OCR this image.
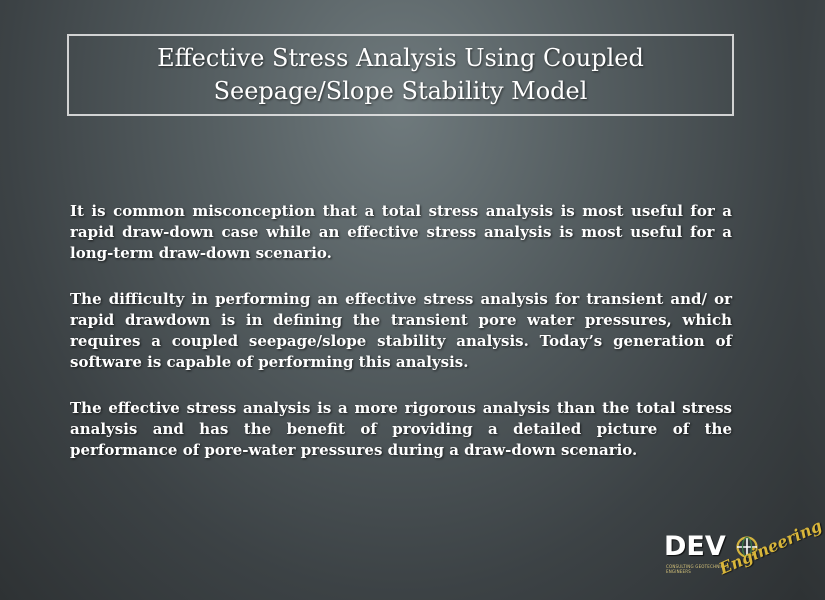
Effective Stress Analysis Using Coupled
Seepage/Slope Stability Model

It is common misconception that a total stress analysis is most useful for a rapid draw-down case while an effective stress analysis is most useful for a long-term draw-down scenario.

The difficulty in performing an effective stress analysis for transient and/ or rapid drawdown is in defining the transient pore water pressures, which requires a coupled seepage/slope stability analysis. Today’s generation of software is capable of performing this analysis.

The effective stress analysis is a more rigorous analysis than the total stress analysis and has the benefit of providing a detailed picture of the performance of pore-water pressures during a draw-down scenario.

DEV
CONSULTING GEOTECHNICAL ENGINEERS	Engineering
